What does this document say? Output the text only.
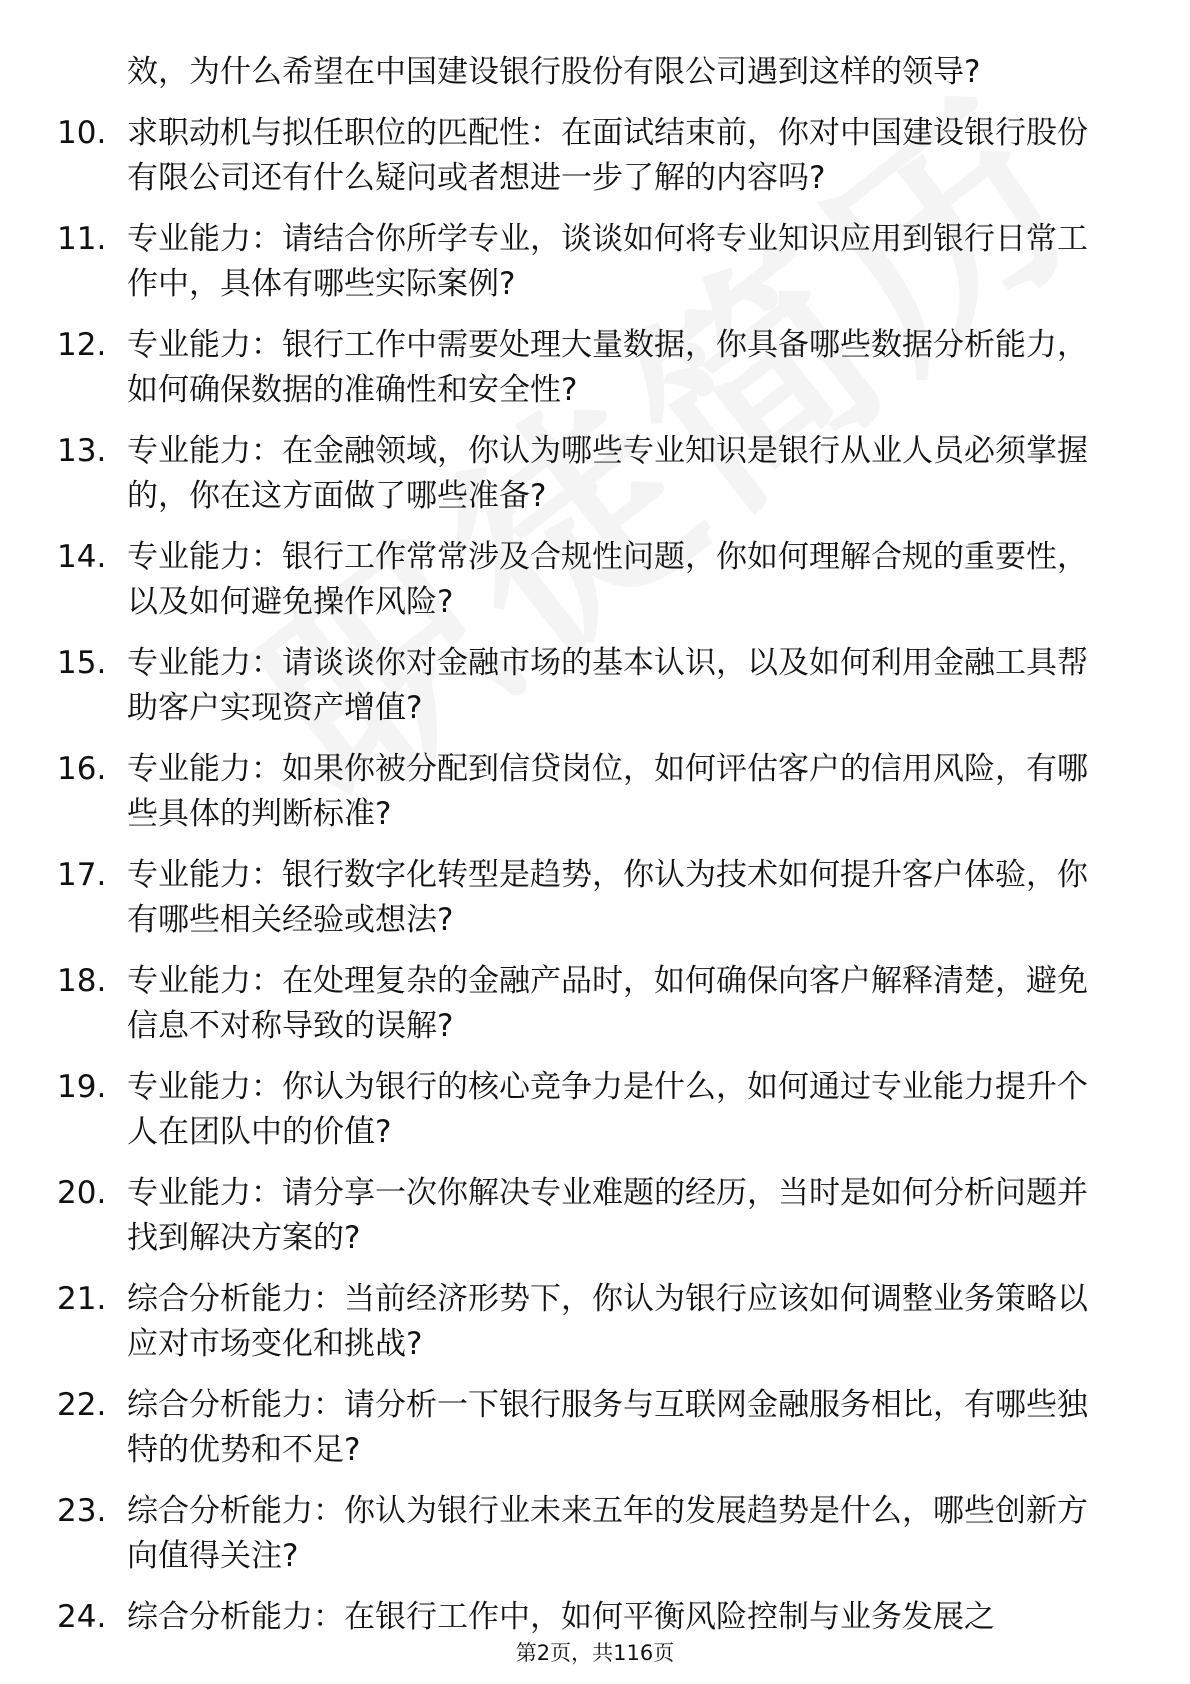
效，为什么希望在中国建设银行股份有限公司遇到这样的领导?

10. 求职动机与拟任职位的匹配性：在面试结束前，你对中国建设银行股份有限公司还有什么疑问或者想进一步了解的内容吗?
11. 专业能力：请结合你所学专业，谈谈如何将专业知识应用到银行日常工作中，具体有哪些实际案例?
12. 专业能力：银行工作中需要处理大量数据，你具备哪些数据分析能力，如何确保数据的准确性和安全性?
13. 专业能力：在金融领域，你认为哪些专业知识是银行从业人员必须掌握的，你在这方面做了哪些准备?
14. 专业能力：银行工作常常涉及合规性问题，你如何理解合规的重要性，以及如何避免操作风险?
15. 专业能力：请谈谈你对金融市场的基本认识，以及如何利用金融工具帮助客户实现资产增值?
16. 专业能力：如果你被分配到信贷岗位，如何评估客户的信用风险，有哪些具体的判断标准?
17. 专业能力：银行数字化转型是趋势，你认为技术如何提升客户体验，你有哪些相关经验或想法?
18. 专业能力：在处理复杂的金融产品时，如何确保向客户解释清楚，避免信息不对称导致的误解?
19. 专业能力：你认为银行的核心竞争力是什么，如何通过专业能力提升个人在团队中的价值?
20. 专业能力：请分享一次你解决专业难题的经历，当时是如何分析问题并找到解决方案的?
21. 综合分析能力：当前经济形势下，你认为银行应该如何调整业务策略以应对市场变化和挑战?
22. 综合分析能力：请分析一下银行服务与互联网金融服务相比，有哪些独特的优势和不足?
23. 综合分析能力：你认为银行业未来五年的发展趋势是什么，哪些创新方向值得关注?
24. 综合分析能力：在银行工作中，如何平衡风险控制与业务发展之
第2页，共116页
